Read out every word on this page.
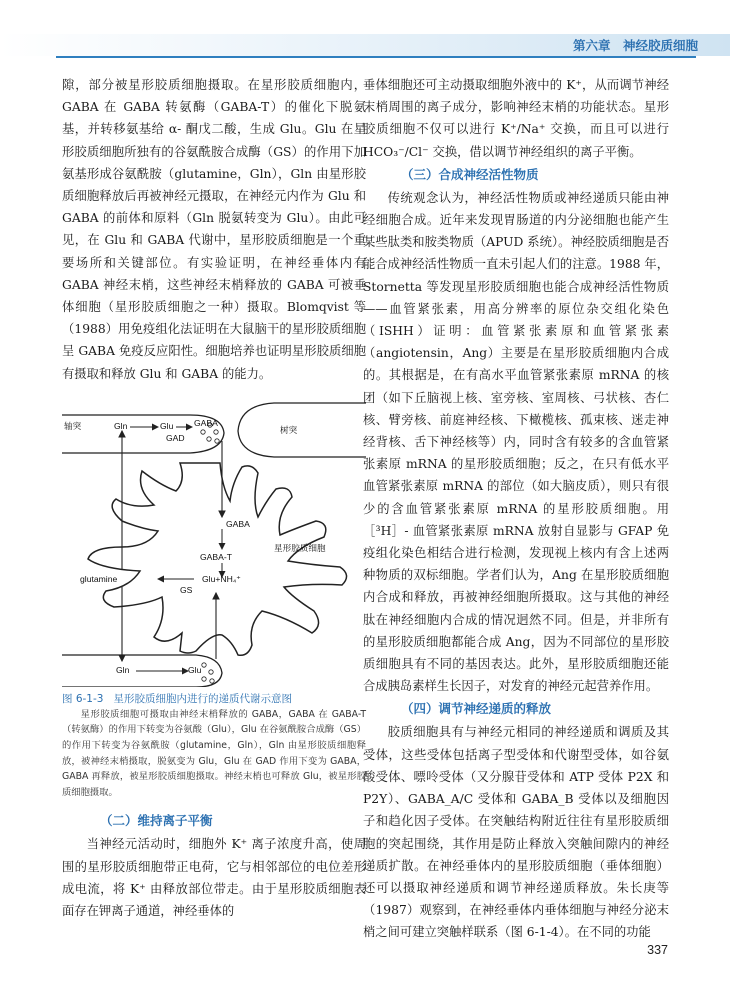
第六章　神经胶质细胞

隙，部分被星形胶质细胞摄取。在星形胶质细胞内，GABA 在 GABA 转氨酶（GABA-T）的催化下脱氨基，并转移氨基给 α- 酮戊二酸，生成 Glu。Glu 在星形胶质细胞所独有的谷氨酰胺合成酶（GS）的作用下加氨基形成谷氨酰胺（glutamine，Gln），Gln 由星形胶质细胞释放后再被神经元摄取，在神经元内作为 Glu 和 GABA 的前体和原料（Gln 脱氨转变为 Glu）。由此可见，在 Glu 和 GABA 代谢中，星形胶质细胞是一个重要场所和关键部位。有实验证明，在神经垂体内有 GABA 神经末梢，这些神经末梢释放的 GABA 可被垂体细胞（星形胶质细胞之一种）摄取。Blomqvist 等（1988）用免疫组化法证明在大鼠脑干的星形胶质细胞呈 GABA 免疫反应阳性。细胞培养也证明星形胶质细胞有摄取和释放 Glu 和 GABA 的能力。

轴突	Gln	Glu GABA
GAD
树突
GABA
GABA-T
星形胶质细胞
glutamine	Glu+NH₄⁺
GS
Gln	Glu
图 6-1-3 星形胶质细胞内进行的递质代谢示意图

星形胶质细胞可摄取由神经末梢释放的 GABA，GABA 在 GABA-T（转氨酶）的作用下转变为谷氨酸（Glu），Glu 在谷氨酰胺合成酶（GS）的作用下转变为谷氨酰胺（glutamine，Gln），Gln 由星形胶质细胞释放，被神经末梢摄取，脱氨变为 Glu，Glu 在 GAD 作用下变为 GABA，GABA 再释放，被星形胶质细胞摄取。神经末梢也可释放 Glu，被星形胶质细胞摄取。

（二）维持离子平衡

当神经元活动时，细胞外 K⁺ 离子浓度升高，使周围的星形胶质细胞带正电荷，它与相邻部位的电位差形成电流，将 K⁺ 由释放部位带走。由于星形胶质细胞表面存在钾离子通道，神经垂体的

垂体细胞还可主动摄取细胞外液中的 K⁺，从而调节神经末梢周围的离子成分，影响神经末梢的功能状态。星形胶质细胞不仅可以进行 K⁺/Na⁺ 交换，而且可以进行 HCO₃⁻/Cl⁻ 交换，借以调节神经组织的离子平衡。

（三）合成神经活性物质

传统观念认为，神经活性物质或神经递质只能由神经细胞合成。近年来发现胃肠道的内分泌细胞也能产生某些肽类和胺类物质（APUD 系统）。神经胶质细胞是否能合成神经活性物质一直未引起人们的注意。1988 年，Stornetta 等发现星形胶质细胞也能合成神经活性物质——血管紧张素，用高分辨率的原位杂交组化染色（ISHH）证明：血管紧张素原和血管紧张素（angiotensin，Ang）主要是在星形胶质细胞内合成的。其根据是，在有高水平血管紧张素原 mRNA 的核团（如下丘脑视上核、室旁核、室周核、弓状核、杏仁核、臂旁核、前庭神经核、下橄榄核、孤束核、迷走神经背核、舌下神经核等）内，同时含有较多的含血管紧张素原 mRNA 的星形胶质细胞；反之，在只有低水平血管紧张素原 mRNA 的部位（如大脑皮质），则只有很少的含血管紧张素原 mRNA 的星形胶质细胞。用［³H］- 血管紧张素原 mRNA 放射自显影与 GFAP 免疫组化染色相结合进行检测，发现视上核内有含上述两种物质的双标细胞。学者们认为，Ang 在星形胶质细胞内合成和释放，再被神经细胞所摄取。这与其他的神经肽在神经细胞内合成的情况迥然不同。但是，并非所有的星形胶质细胞都能合成 Ang，因为不同部位的星形胶质细胞具有不同的基因表达。此外，星形胶质细胞还能合成胰岛素样生长因子，对发育的神经元起营养作用。

（四）调节神经递质的释放

胶质细胞具有与神经元相同的神经递质和调质及其受体，这些受体包括离子型受体和代谢型受体，如谷氨酸受体、嘌呤受体（又分腺苷受体和 ATP 受体 P2X 和 P2Y）、GABA_A/C 受体和 GABA_B 受体以及细胞因子和趋化因子受体。在突触结构附近往往有星形胶质细胞的突起围绕，其作用是防止释放入突触间隙内的神经递质扩散。在神经垂体内的星形胶质细胞（垂体细胞）还可以摄取神经递质和调节神经递质释放。朱长庚等（1987）观察到，在神经垂体内垂体细胞与神经分泌末梢之间可建立突触样联系（图 6-1-4）。在不同的功能

337
